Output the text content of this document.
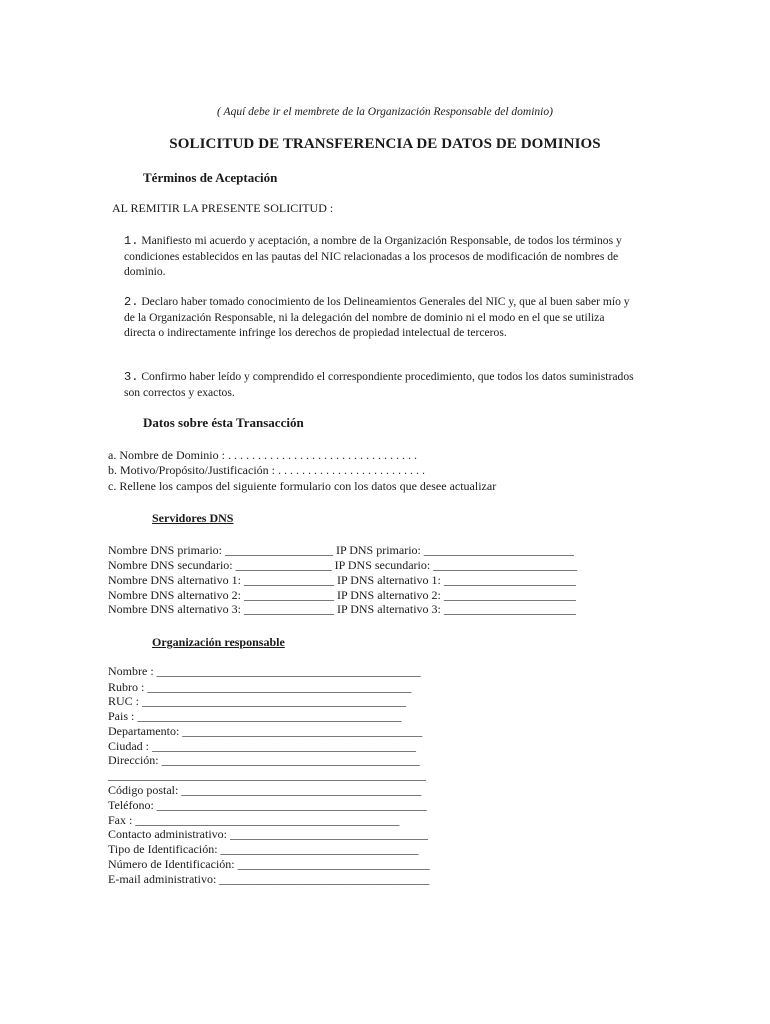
( Aquí debe ir el membrete de la Organización Responsable del dominio)
SOLICITUD DE TRANSFERENCIA DE DATOS DE DOMINIOS
Términos de Aceptación
AL REMITIR LA PRESENTE SOLICITUD :
1. Manifiesto mi acuerdo y aceptación, a nombre de la Organización Responsable, de todos los términos y condiciones establecidos en las pautas del NIC relacionadas a los procesos de modificación de nombres de dominio.
2. Declaro haber tomado conocimiento de los Delineamientos Generales del NIC y, que al buen saber mío y de la Organización Responsable, ni la delegación del nombre de dominio ni el modo en el que se utiliza directa o indirectamente infringe los derechos de propiedad intelectual de terceros.
3. Confirmo haber leído y comprendido el correspondiente procedimiento, que todos los datos suministrados son correctos y exactos.
Datos sobre ésta Transacción
a. Nombre de Dominio : . . . . . . . . . . . . . . . . . . . . . . . . . . . . . . . .
b. Motivo/Propósito/Justificación : . . . . . . . . . . . . . . . . . . . . . . . . .
c. Rellene los campos del siguiente formulario con los datos que desee actualizar
Servidores DNS
Nombre DNS primario: __________________ IP DNS primario: _________________________
Nombre DNS secundario: ________________ IP DNS secundario: ________________________
Nombre DNS alternativo 1: _______________ IP DNS alternativo 1: ______________________
Nombre DNS alternativo 2: _______________ IP DNS alternativo 2: ______________________
Nombre DNS alternativo 3: _______________ IP DNS alternativo 3: ______________________
Organización responsable
Nombre : ____________________________________________
Rubro : ____________________________________________
RUC : ____________________________________________
Pais : ____________________________________________
Departamento: ________________________________________
Ciudad : ____________________________________________
Dirección: ___________________________________________
_____________________________________________________
Código postal: ________________________________________
Teléfono: _____________________________________________
Fax : ____________________________________________
Contacto administrativo: _________________________________
Tipo de Identificación: _________________________________
Número de Identificación: ________________________________
E-mail administrativo: ___________________________________
